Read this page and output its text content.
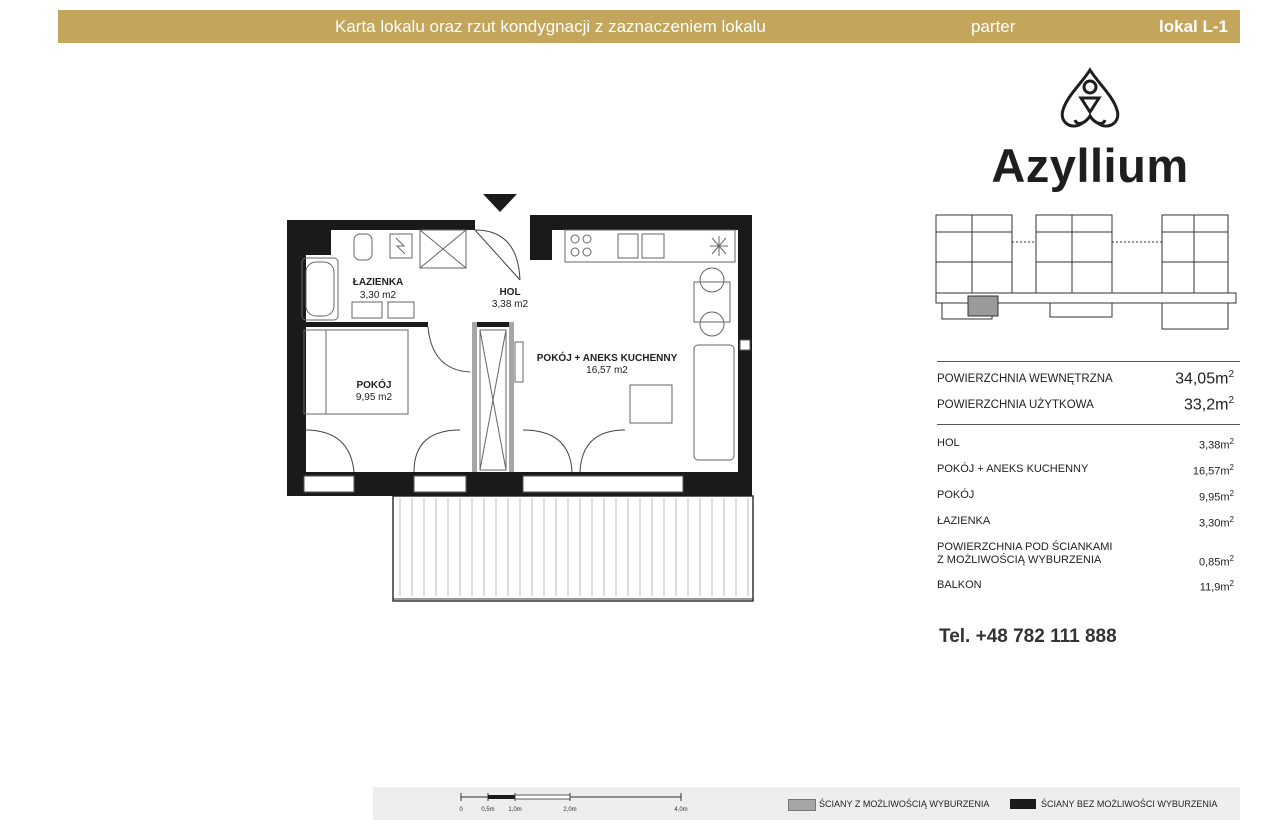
Karta lokalu oraz rzut kondygnacji z zaznaczeniem lokalu	parter	lokal L-1
Azyllium
ŁAZIENKA
3,30 m2	HOL
3,38 m2
POKÓJ + ANEKS KUCHENNY
16,57 m2
POKÓJ
9,95 m2
POWIERZCHNIA WEWNĘTRZNA	$34,05m^2$
POWIERZCHNIA UŻYTKOWA	$33,2m^2$
HOL	$3,38m^2$
POKÓJ + ANEKS KUCHENNY	$16,57m^2$
POKÓJ	$9,95m^2$
ŁAZIENKA	$3,30m^2$
POWIERZCHNIA POD ŚCIANKAMI
Z MOŻLIWOŚCIĄ WYBURZENIA	$0,85m^2$
BALKON	$11,9m^2$
Tel. +48 782 111 888
0	0,5m 1,0m	2,0m	4,0m
ŚCIANY Z MOŻLIWOŚCIĄ WYBURZENIA	ŚCIANY BEZ MOŻLIWOŚCI WYBURZENIA
